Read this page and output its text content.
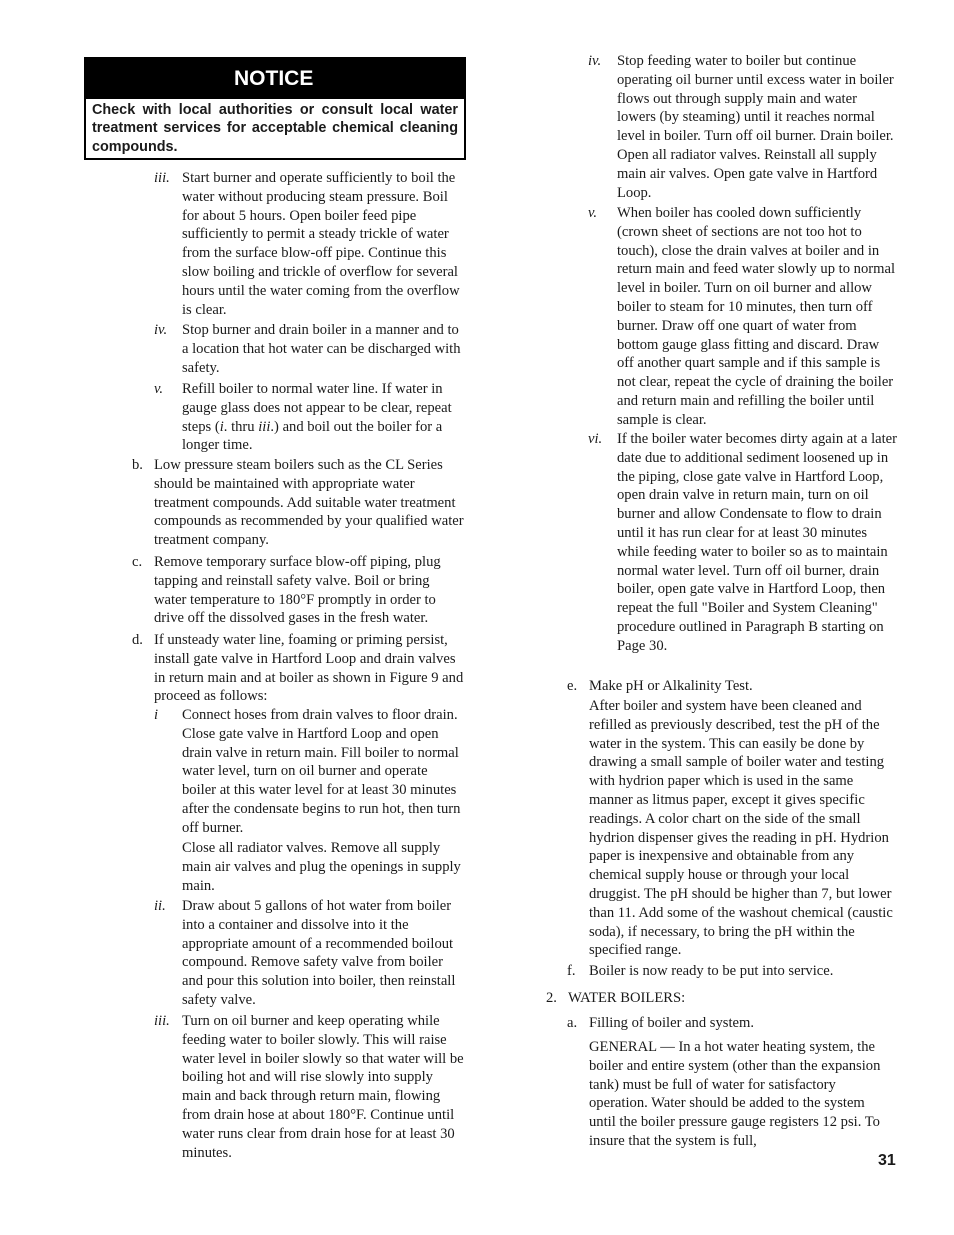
NOTICE
Check with local authorities or consult local water treatment services for acceptable chemical cleaning compounds.
iii. Start burner and operate sufficiently to boil the water without producing steam pressure. Boil for about 5 hours. Open boiler feed pipe sufficiently to permit a steady trickle of water from the surface blow-off pipe. Continue this slow boiling and trickle of overflow for several hours until the water coming from the overflow is clear.
iv. Stop burner and drain boiler in a manner and to a location that hot water can be discharged with safety.
v. Refill boiler to normal water line. If water in gauge glass does not appear to be clear, repeat steps (i. thru iii.) and boil out the boiler for a longer time.
b. Low pressure steam boilers such as the CL Series should be maintained with appropriate water treatment compounds. Add suitable water treatment compounds as recommended by your qualified water treatment company.
c. Remove temporary surface blow-off piping, plug tapping and reinstall safety valve. Boil or bring water temperature to 180°F promptly in order to drive off the dissolved gases in the fresh water.
d. If unsteady water line, foaming or priming persist, install gate valve in Hartford Loop and drain valves in return main and at boiler as shown in Figure 9 and proceed as follows:
i Connect hoses from drain valves to floor drain. Close gate valve in Hartford Loop and open drain valve in return main. Fill boiler to normal water level, turn on oil burner and operate boiler at this water level for at least 30 minutes after the condensate begins to run hot, then turn off burner.
Close all radiator valves. Remove all supply main air valves and plug the openings in supply main.
ii. Draw about 5 gallons of hot water from boiler into a container and dissolve into it the appropriate amount of a recommended boilout compound. Remove safety valve from boiler and pour this solution into boiler, then reinstall safety valve.
iii. Turn on oil burner and keep operating while feeding water to boiler slowly. This will raise water level in boiler slowly so that water will be boiling hot and will rise slowly into supply main and back through return main, flowing from drain hose at about 180°F. Continue until water runs clear from drain hose for at least 30 minutes.
iv. Stop feeding water to boiler but continue operating oil burner until excess water in boiler flows out through supply main and water lowers (by steaming) until it reaches normal level in boiler. Turn off oil burner. Drain boiler. Open all radiator valves. Reinstall all supply main air valves. Open gate valve in Hartford Loop.
v. When boiler has cooled down sufficiently (crown sheet of sections are not too hot to touch), close the drain valves at boiler and in return main and feed water slowly up to normal level in boiler. Turn on oil burner and allow boiler to steam for 10 minutes, then turn off burner. Draw off one quart of water from bottom gauge glass fitting and discard. Draw off another quart sample and if this sample is not clear, repeat the cycle of draining the boiler and return main and refilling the boiler until sample is clear.
vi. If the boiler water becomes dirty again at a later date due to additional sediment loosened up in the piping, close gate valve in Hartford Loop, open drain valve in return main, turn on oil burner and allow Condensate to flow to drain until it has run clear for at least 30 minutes while feeding water to boiler so as to maintain normal water level. Turn off oil burner, drain boiler, open gate valve in Hartford Loop, then repeat the full "Boiler and System Cleaning" procedure outlined in Paragraph B starting on Page 30.
e. Make pH or Alkalinity Test.
After boiler and system have been cleaned and refilled as previously described, test the pH of the water in the system. This can easily be done by drawing a small sample of boiler water and testing with hydrion paper which is used in the same manner as litmus paper, except it gives specific readings. A color chart on the side of the small hydrion dispenser gives the reading in pH. Hydrion paper is inexpensive and obtainable from any chemical supply house or through your local druggist. The pH should be higher than 7, but lower than 11. Add some of the washout chemical (caustic soda), if necessary, to bring the pH within the specified range.
f. Boiler is now ready to be put into service.
2. WATER BOILERS:
a. Filling of boiler and system.
GENERAL — In a hot water heating system, the boiler and entire system (other than the expansion tank) must be full of water for satisfactory operation. Water should be added to the system until the boiler pressure gauge registers 12 psi. To insure that the system is full,
31
